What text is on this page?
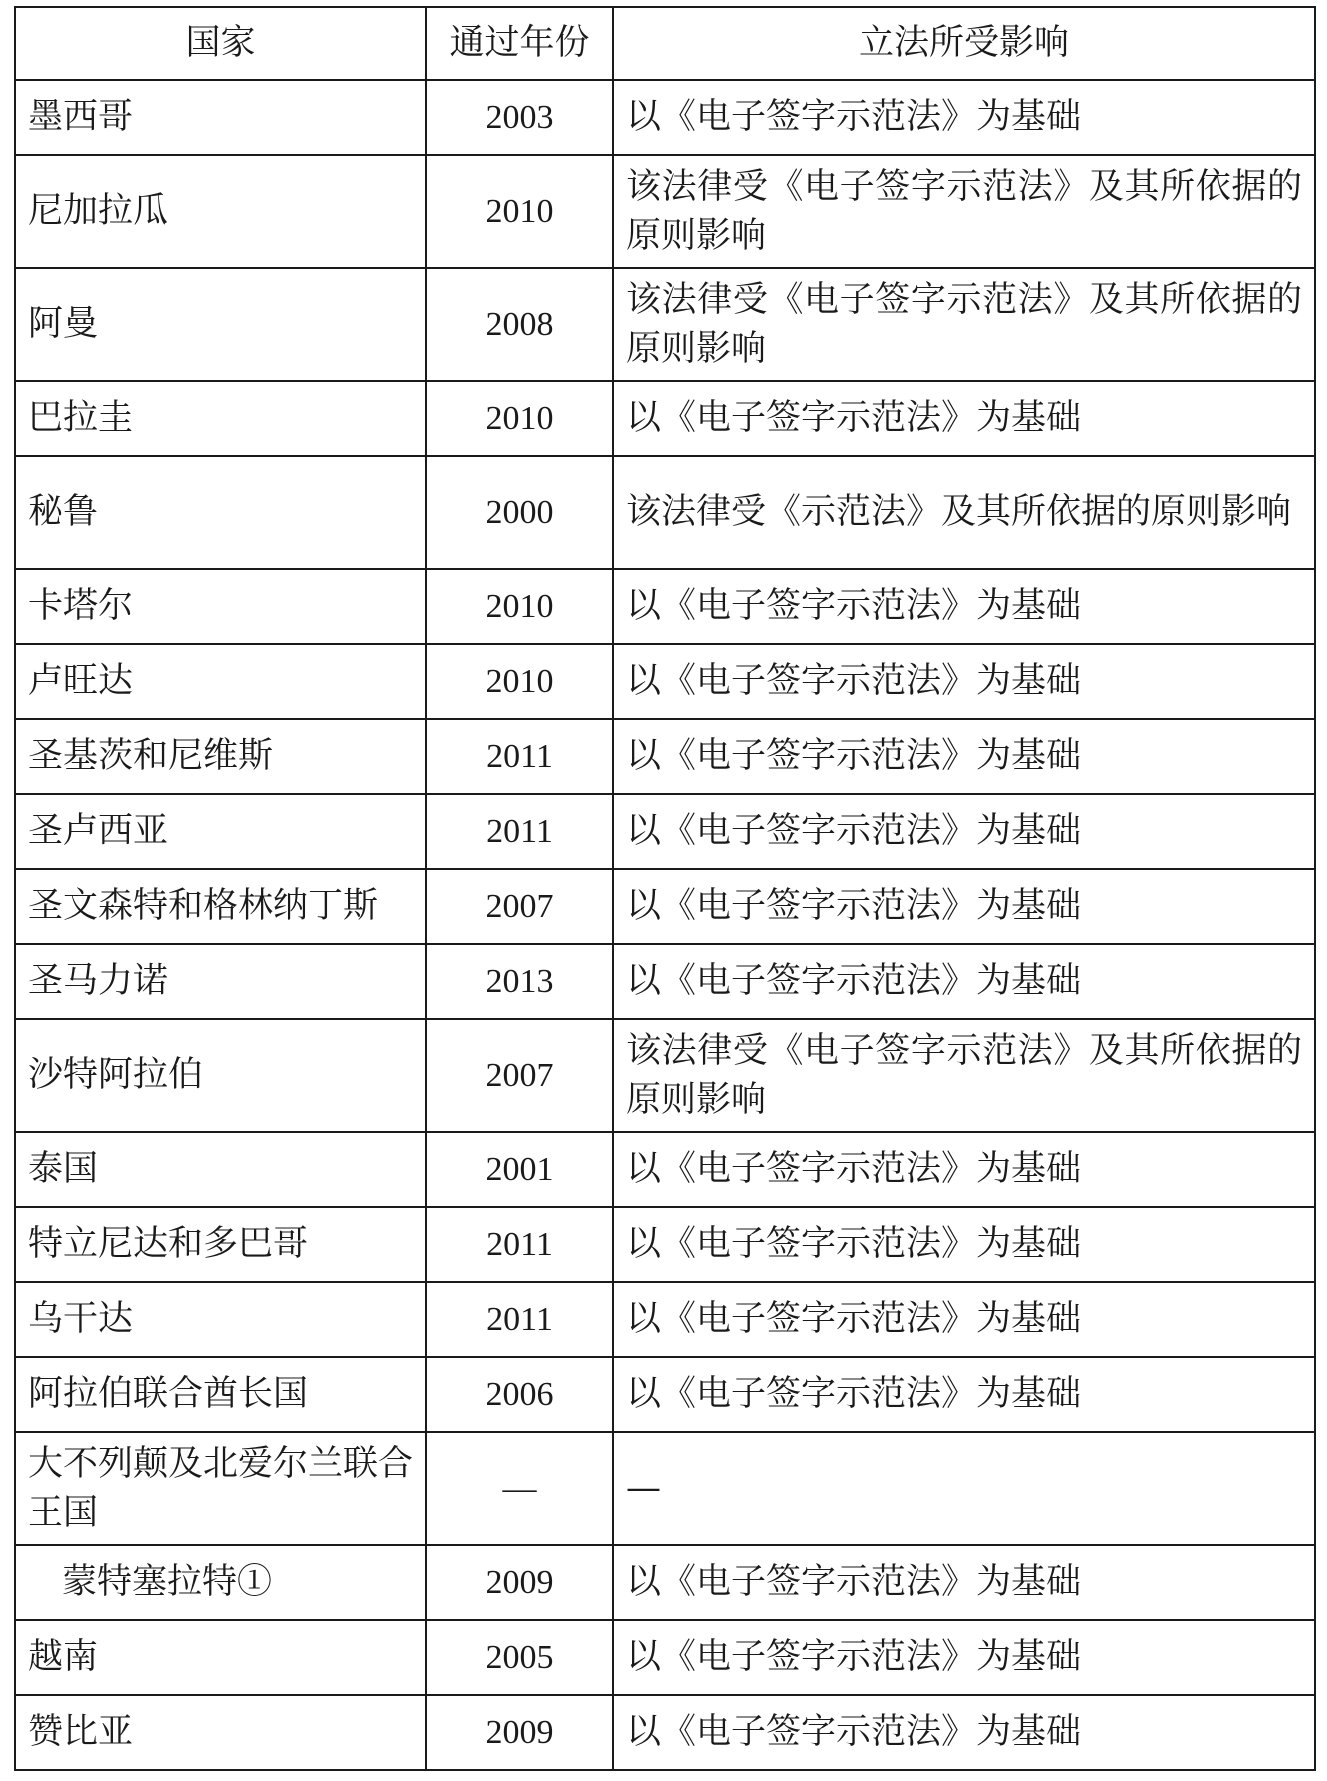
国家	通过年份	立法所受影响
墨西哥	2003	以《电子签字示范法》为基础
尼加拉瓜	2010	该法律受《电子签字示范法》及其所依据的原则影响
阿曼	2008	该法律受《电子签字示范法》及其所依据的原则影响
巴拉圭	2010	以《电子签字示范法》为基础
秘鲁	2000	该法律受《示范法》及其所依据的原则影响
卡塔尔	2010	以《电子签字示范法》为基础
卢旺达	2010	以《电子签字示范法》为基础
圣基茨和尼维斯	2011	以《电子签字示范法》为基础
圣卢西亚	2011	以《电子签字示范法》为基础
圣文森特和格林纳丁斯	2007	以《电子签字示范法》为基础
圣马力诺	2013	以《电子签字示范法》为基础
沙特阿拉伯	2007	该法律受《电子签字示范法》及其所依据的原则影响
泰国	2001	以《电子签字示范法》为基础
特立尼达和多巴哥	2011	以《电子签字示范法》为基础
乌干达	2011	以《电子签字示范法》为基础
阿拉伯联合酋长国	2006	以《电子签字示范法》为基础
大不列颠及北爱尔兰联合王国	—	—
蒙特塞拉特①	2009	以《电子签字示范法》为基础
越南	2005	以《电子签字示范法》为基础
赞比亚	2009	以《电子签字示范法》为基础
